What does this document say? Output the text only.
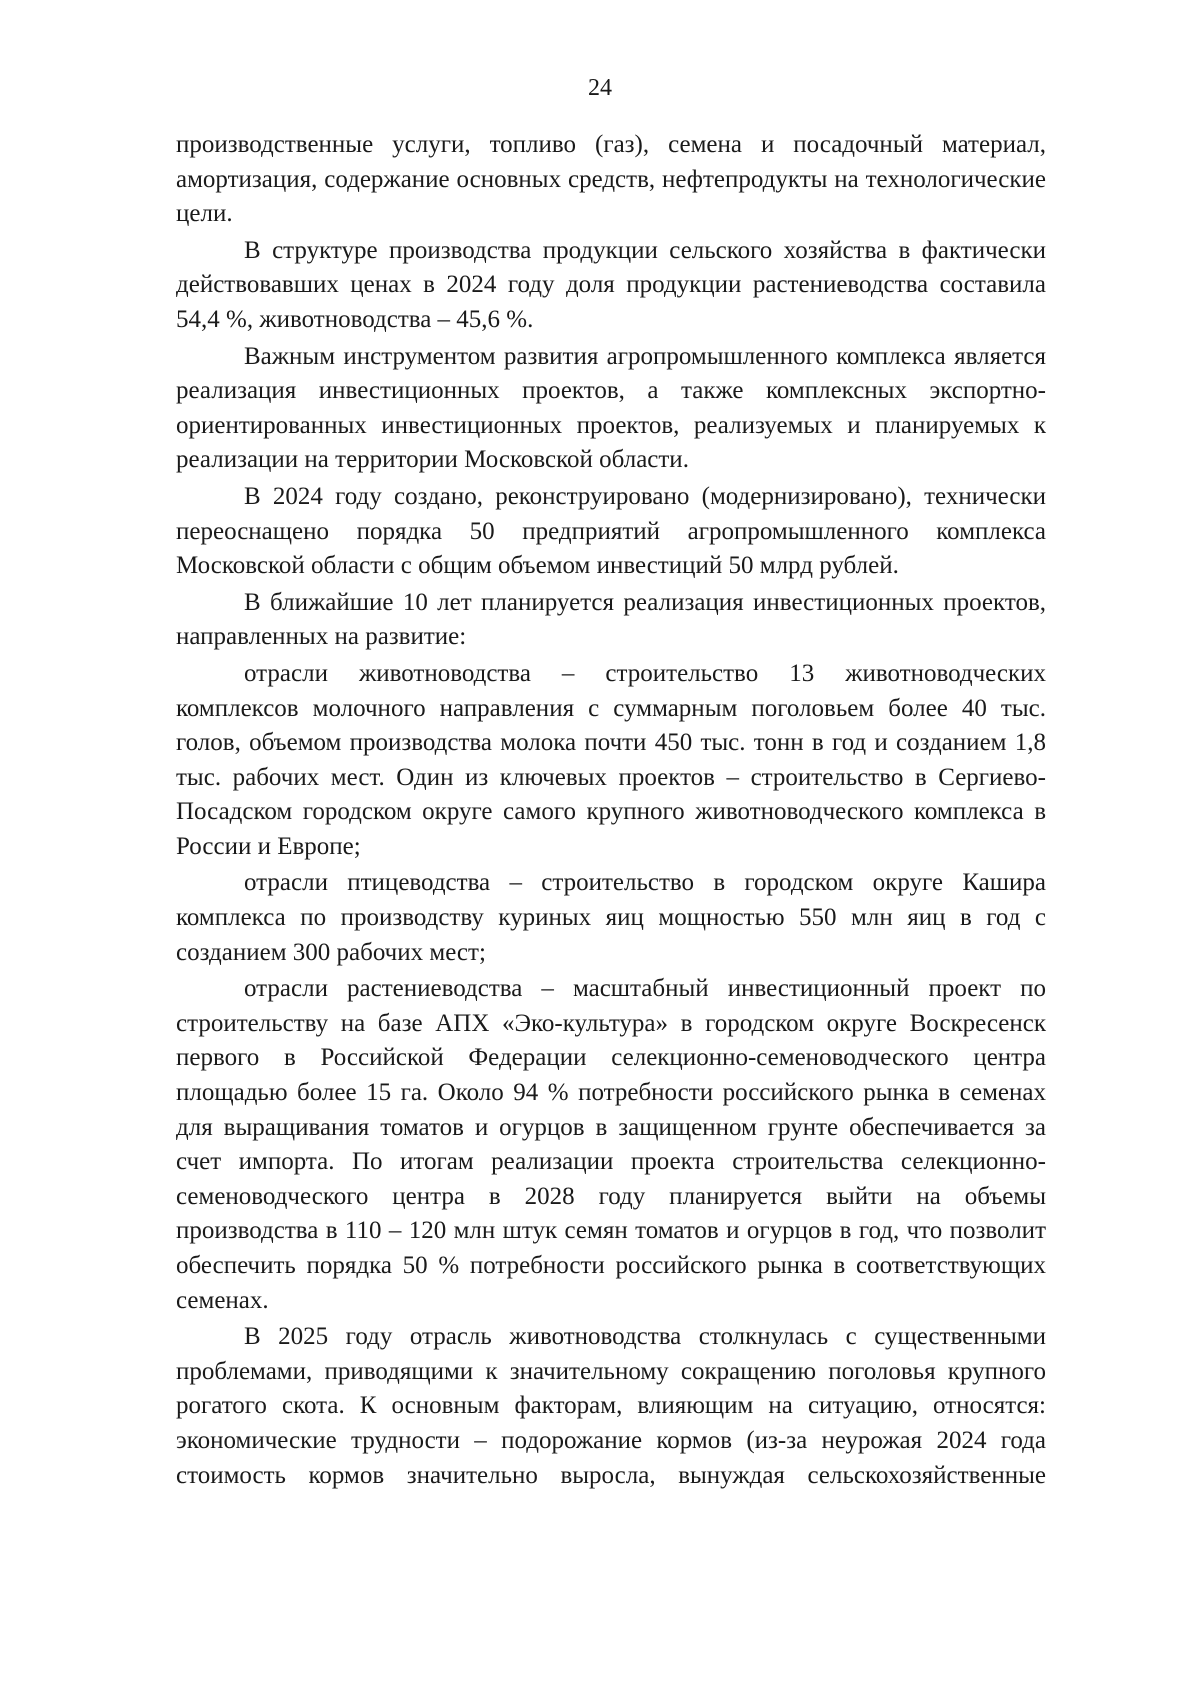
24

производственные услуги, топливо (газ), семена и посадочный материал, амортизация, содержание основных средств, нефтепродукты на технологические цели.

В структуре производства продукции сельского хозяйства в фактически действовавших ценах в 2024 году доля продукции растениеводства составила 54,4 %, животноводства – 45,6 %.

Важным инструментом развития агропромышленного комплекса является реализация инвестиционных проектов, а также комплексных экспортно-ориентированных инвестиционных проектов, реализуемых и планируемых к реализации на территории Московской области.

В 2024 году создано, реконструировано (модернизировано), технически переоснащено порядка 50 предприятий агропромышленного комплекса Московской области с общим объемом инвестиций 50 млрд рублей.

В ближайшие 10 лет планируется реализация инвестиционных проектов, направленных на развитие:

отрасли животноводства – строительство 13 животноводческих комплексов молочного направления с суммарным поголовьем более 40 тыс. голов, объемом производства молока почти 450 тыс. тонн в год и созданием 1,8 тыс. рабочих мест. Один из ключевых проектов – строительство в Сергиево-Посадском городском округе самого крупного животноводческого комплекса в России и Европе;

отрасли птицеводства – строительство в городском округе Кашира комплекса по производству куриных яиц мощностью 550 млн яиц в год с созданием 300 рабочих мест;

отрасли растениеводства – масштабный инвестиционный проект по строительству на базе АПХ «Эко-культура» в городском округе Воскресенск первого в Российской Федерации селекционно-семеноводческого центра площадью более 15 га. Около 94 % потребности российского рынка в семенах для выращивания томатов и огурцов в защищенном грунте обеспечивается за счет импорта. По итогам реализации проекта строительства селекционно-семеноводческого центра в 2028 году планируется выйти на объемы производства в 110 – 120 млн штук семян томатов и огурцов в год, что позволит обеспечить порядка 50 % потребности российского рынка в соответствующих семенах.

В 2025 году отрасль животноводства столкнулась с существенными проблемами, приводящими к значительному сокращению поголовья крупного рогатого скота. К основным факторам, влияющим на ситуацию, относятся: экономические трудности – подорожание кормов (из-за неурожая 2024 года стоимость кормов значительно выросла, вынуждая сельскохозяйственные
